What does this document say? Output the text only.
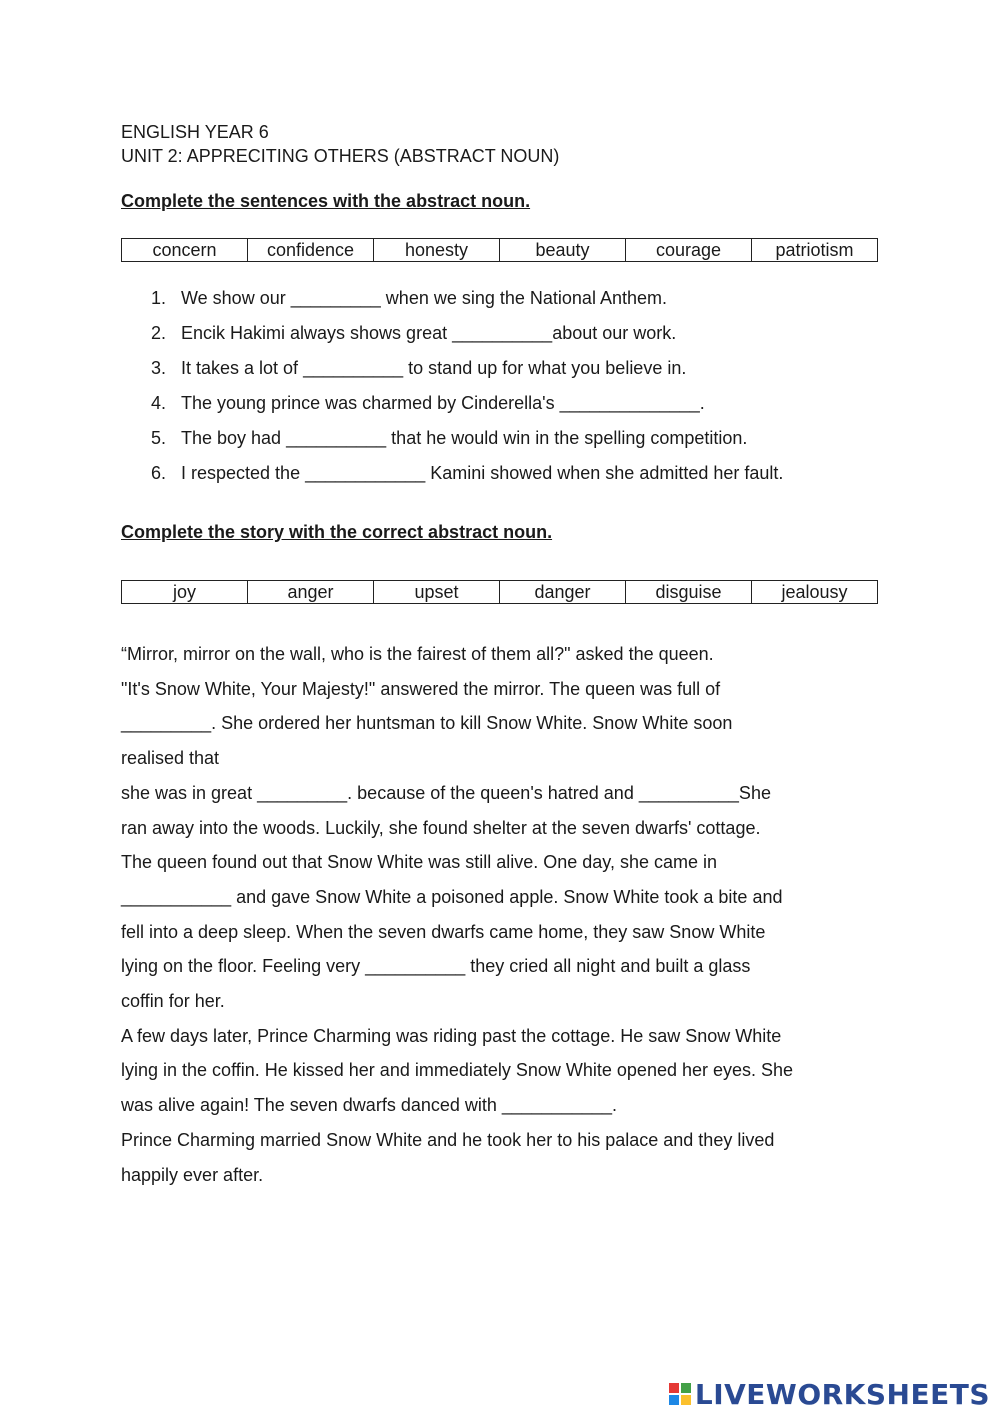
ENGLISH YEAR 6
UNIT 2: APPRECITING OTHERS (ABSTRACT NOUN)
Complete the sentences with the abstract noun.
concern	confidence	honesty	beauty	courage	patriotism
1. We show our _________ when we sing the National Anthem.
2. Encik Hakimi always shows great __________about our work.
3. It takes a lot of __________ to stand up for what you believe in.
4. The young prince was charmed by Cinderella's ______________.
5. The boy had __________ that he would win in the spelling competition.
6. I respected the ____________ Kamini showed when she admitted her fault.
Complete the story with the correct abstract noun.
joy	anger	upset	danger	disguise	jealousy

“Mirror, mirror on the wall, who is the fairest of them all?" asked the queen.

"It's Snow White, Your Majesty!" answered the mirror. The queen was full of

_________. She ordered her huntsman to kill Snow White. Snow White soon

realised that

she was in great _________. because of the queen's hatred and __________She

ran away into the woods. Luckily, she found shelter at the seven dwarfs' cottage.

The queen found out that Snow White was still alive. One day, she came in

___________ and gave Snow White a poisoned apple. Snow White took a bite and

fell into a deep sleep. When the seven dwarfs came home, they saw Snow White

lying on the floor. Feeling very __________ they cried all night and built a glass

coffin for her.

A few days later, Prince Charming was riding past the cottage. He saw Snow White

lying in the coffin. He kissed her and immediately Snow White opened her eyes. She

was alive again! The seven dwarfs danced with ___________.

Prince Charming married Snow White and he took her to his palace and they lived

happily ever after.

LIVEWORKSHEETS
